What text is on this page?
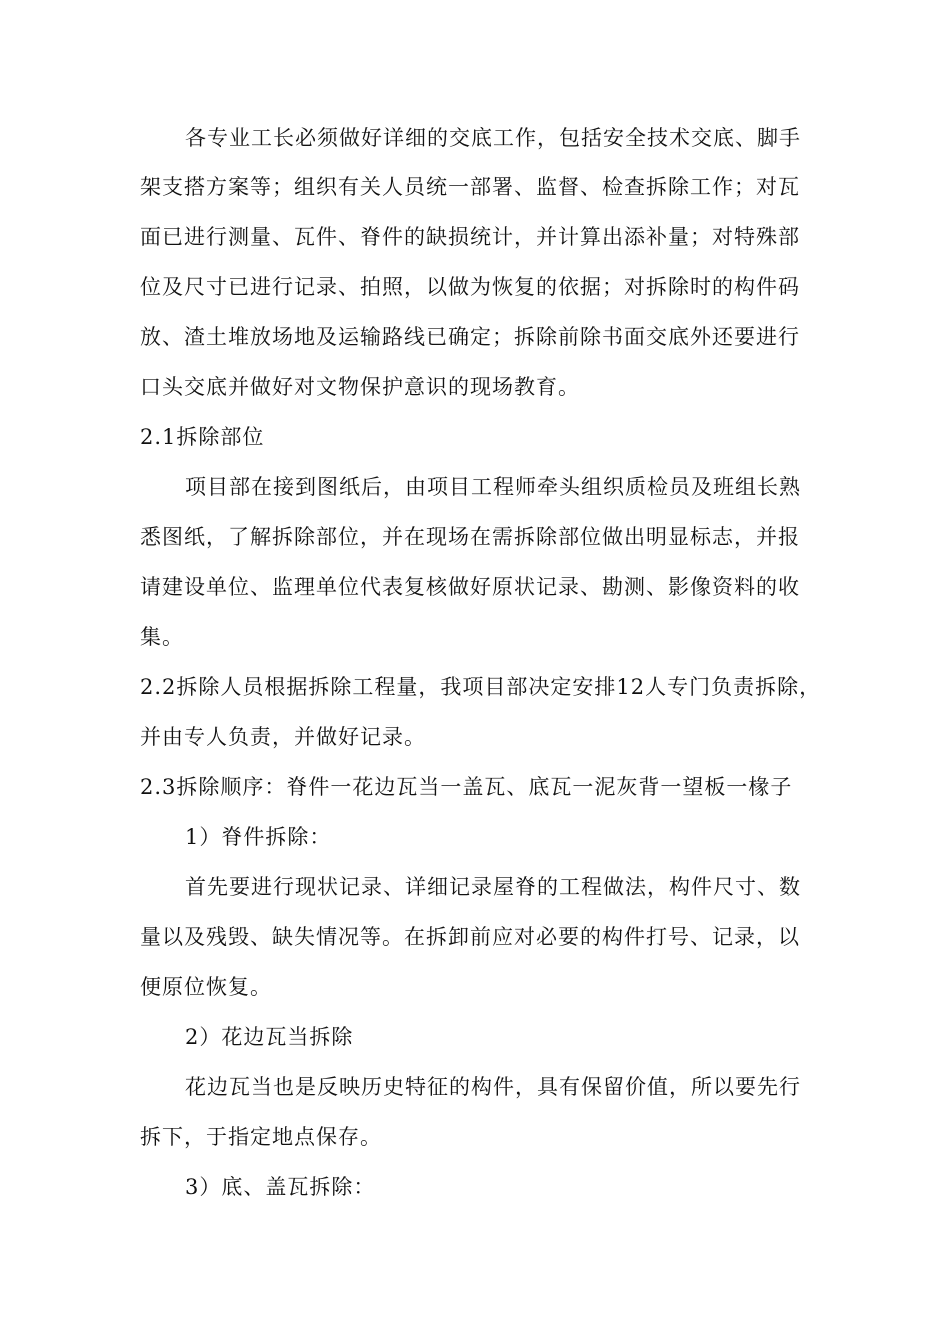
各专业工长必须做好详细的交底工作，包括安全技术交底、脚手
架支搭方案等；组织有关人员统一部署、监督、检查拆除工作；对瓦
面已进行测量、瓦件、脊件的缺损统计，并计算出添补量；对特殊部
位及尺寸已进行记录、拍照，以做为恢复的依据；对拆除时的构件码
放、渣土堆放场地及运输路线已确定；拆除前除书面交底外还要进行
口头交底并做好对文物保护意识的现场教育。
2.1拆除部位
项目部在接到图纸后，由项目工程师牵头组织质检员及班组长熟
悉图纸，了解拆除部位，并在现场在需拆除部位做出明显标志，并报
请建设单位、监理单位代表复核做好原状记录、勘测、影像资料的收
集。
2.2拆除人员根据拆除工程量，我项目部决定安排12人专门负责拆除，
并由专人负责，并做好记录。
2.3拆除顺序：脊件一花边瓦当一盖瓦、底瓦一泥灰背一望板一椽子
1）脊件拆除：
首先要进行现状记录、详细记录屋脊的工程做法，构件尺寸、数
量以及残毁、缺失情况等。在拆卸前应对必要的构件打号、记录，以
便原位恢复。
2）花边瓦当拆除
花边瓦当也是反映历史特征的构件，具有保留价值，所以要先行
拆下，于指定地点保存。
3）底、盖瓦拆除：
